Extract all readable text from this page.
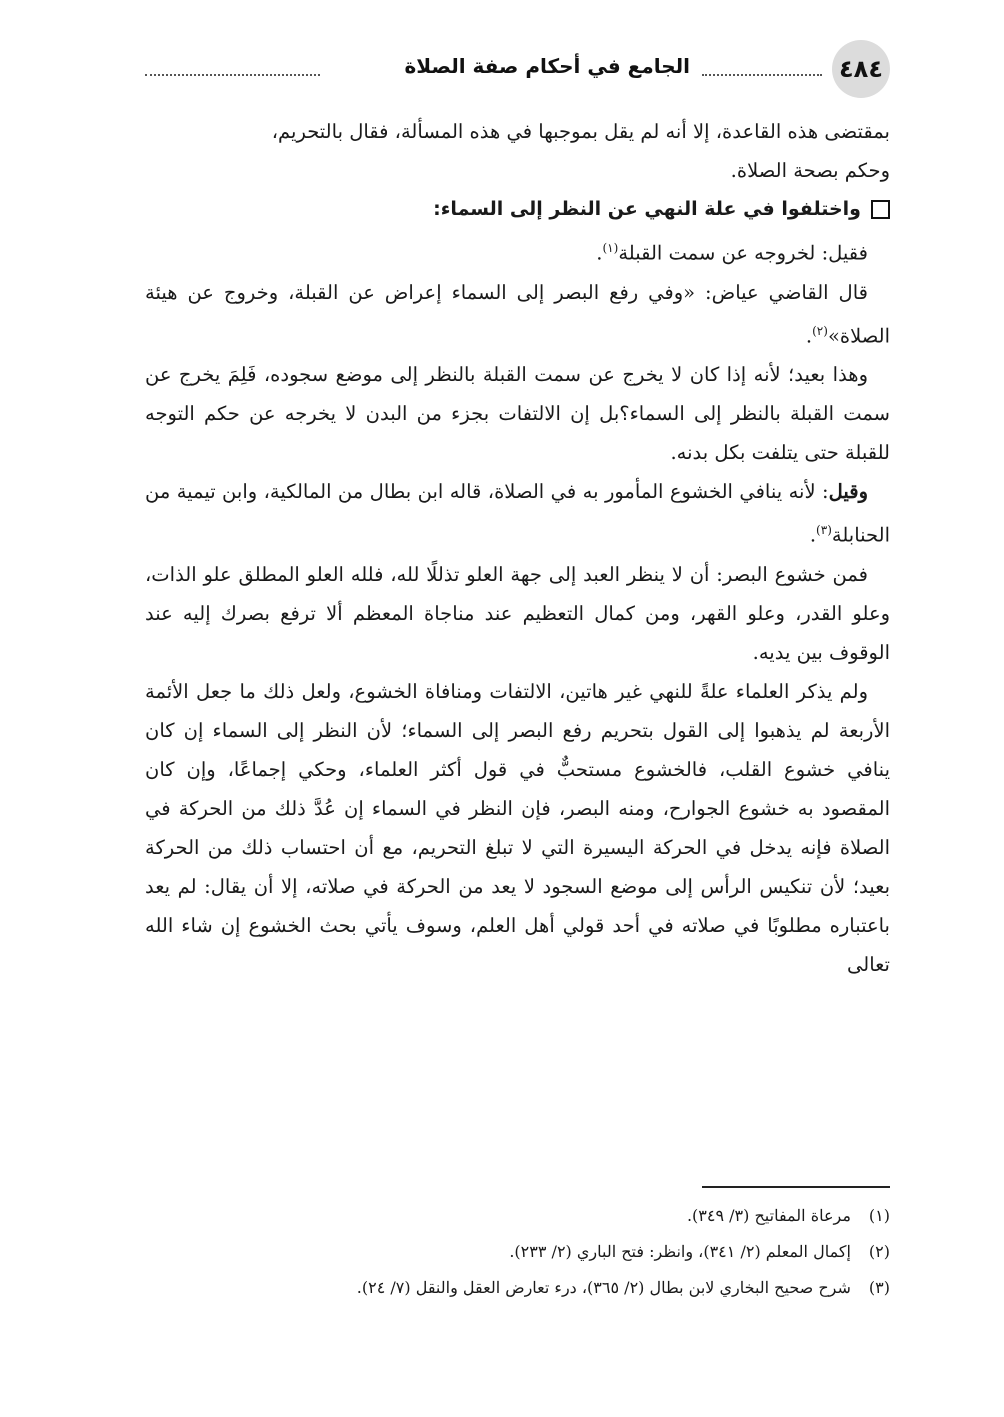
٤٨٤
الجامع في أحكام صفة الصلاة

بمقتضى هذه القاعدة، إلا أنه لم يقل بموجبها في هذه المسألة، فقال بالتحريم،

وحكم بصحة الصلاة.

واختلفوا في علة النهي عن النظر إلى السماء:

فقيل: لخروجه عن سمت القبلة$^{(١)}$.

قال القاضي عياض: «وفي رفع البصر إلى السماء إعراض عن القبلة، وخروج عن هيئة الصلاة»$^{(٢)}$.

وهذا بعيد؛ لأنه إذا كان لا يخرج عن سمت القبلة بالنظر إلى موضع سجوده، فَلِمَ يخرج عن سمت القبلة بالنظر إلى السماء؟بل إن الالتفات بجزء من البدن لا يخرجه عن حكم التوجه للقبلة حتى يتلفت بكل بدنه.

وقيل: لأنه ينافي الخشوع المأمور به في الصلاة، قاله ابن بطال من المالكية، وابن تيمية من الحنابلة$^{(٣)}$.

فمن خشوع البصر: أن لا ينظر العبد إلى جهة العلو تذللًا لله، فلله العلو المطلق علو الذات، وعلو القدر، وعلو القهر، ومن كمال التعظيم عند مناجاة المعظم ألا ترفع بصرك إليه عند الوقوف بين يديه.

ولم يذكر العلماء علةً للنهي غير هاتين، الالتفات ومنافاة الخشوع، ولعل ذلك ما جعل الأئمة الأربعة لم يذهبوا إلى القول بتحريم رفع البصر إلى السماء؛ لأن النظر إلى السماء إن كان ينافي خشوع القلب، فالخشوع مستحبٌّ في قول أكثر العلماء، وحكي إجماعًا، وإن كان المقصود به خشوع الجوارح، ومنه البصر، فإن النظر في السماء إن عُدَّ ذلك من الحركة في الصلاة فإنه يدخل في الحركة اليسيرة التي لا تبلغ التحريم، مع أن احتساب ذلك من الحركة بعيد؛ لأن تنكيس الرأس إلى موضع السجود لا يعد من الحركة في صلاته، إلا أن يقال: لم يعد باعتباره مطلوبًا في صلاته في أحد قولي أهل العلم، وسوف يأتي بحث الخشوع إن شاء الله تعالى

(١) مرعاة المفاتيح (٣/ ٣٤٩).

(٢) إكمال المعلم (٢/ ٣٤١)، وانظر: فتح الباري (٢/ ٢٣٣).

(٣) شرح صحيح البخاري لابن بطال (٢/ ٣٦٥)، درء تعارض العقل والنقل (٧/ ٢٤).
